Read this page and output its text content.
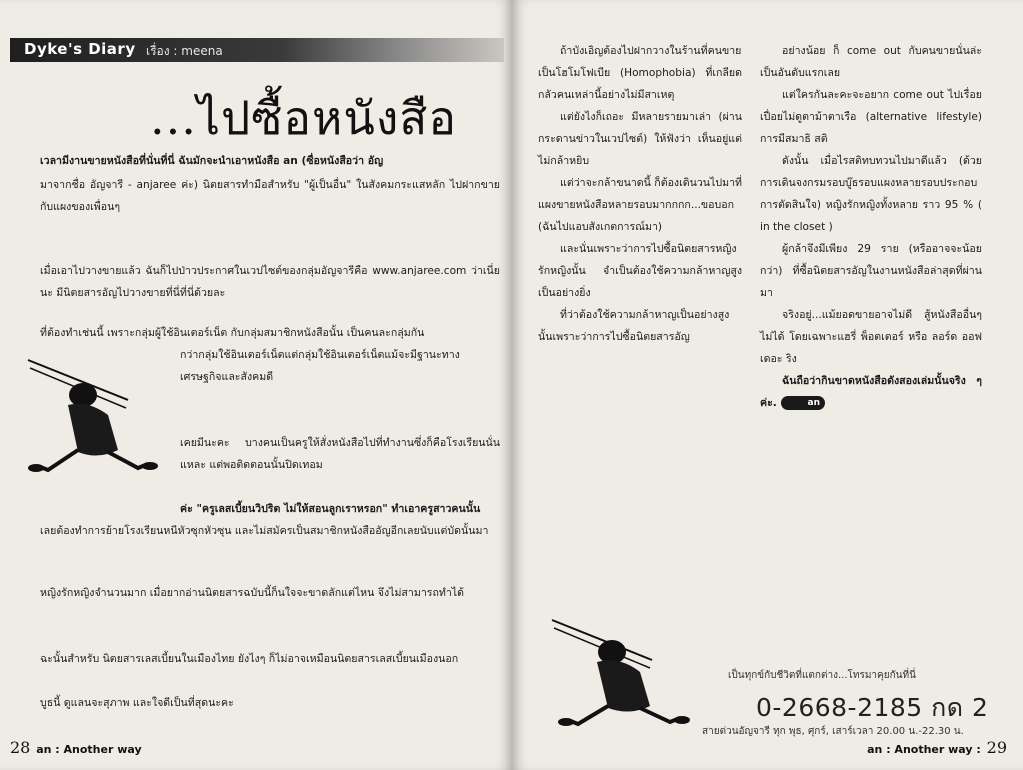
Dyke's Diary เรื่อง : meena
...ไปซื้อหนังสือ
เวลามีงานขายหนังสือที่นั่นที่นี่ ฉันมักจะนำเอาหนังสือ an (ซื่อหนังสือว่า อัญ
มาจากชื่อ อัญจารี - anjaree ค่ะ) นิตยสารทำมือสำหรับ "ผู้เป็นอื่น" ในสังคมกระแสหลัก ไปฝากขายกับแผงของเพื่อนๆ
เมื่อเอาไปวางขายแล้ว ฉันก็ไปป่าวประกาศในเวปไซต์ของกลุ่มอัญจารีคือ www.anjaree.com ว่าเนี่ยนะ มีนิตยสารอัญไปวางขายที่นี่ที่นี่ด้วยละ
ที่ต้องทำเช่นนี้ เพราะกลุ่มผู้ใช้อินเตอร์เน็ต กับกลุ่มสมาชิกหนังสือนั้น เป็นคนละกลุ่มกัน
กว่ากลุ่มใช้อินเตอร์เน็ตแต่กลุ่มใช้อินเตอร์เน็ตแม้จะมีฐานะทางเศรษฐกิจและสังคมดี
เคยมีนะคะ บางคนเป็นครูให้สั่งหนังสือไปที่ทำงานซึ่งก็คือโรงเรียนนั่นแหละ แต่พอติดตอนนั้นปิดเทอม
ค่ะ "ครูเลสเบี้ยนวิปริต ไม่ให้สอนลูกเราหรอก" ทำเอาครูสาวคนนั้น
เลยต้องทำการย้ายโรงเรียนหนีหัวซุกหัวซุน และไม่สมัครเป็นสมาชิกหนังสืออัญอีกเลยนับแต่บัดนั้นมา
หญิงรักหญิงจำนวนมาก เมื่อยากอ่านนิตยสารฉบับนี้ก็นใจจะขาดลักแต่ไหน จึงไม่สามารถทำได้
ฉะนั้นสำหรับ นิตยสารเลสเบี้ยนในเมืองไทย ยังไงๆ ก็ไม่อาจเหมือนนิตยสารเลสเบี้ยนเมืองนอก
บูธนี้ ดูแลนจะสุภาพ และใจดีเป็นที่สุดนะคะ
28 an : Another way

ถ้าบังเอิญต้องไปฝากวางในร้านที่คนขายเป็นโฮโมโฟเบีย (Homophobia) ที่เกลียดกลัวคนเหล่านี้อย่างไม่มีสาเหตุ

แต่ยังไงก็เถอะ มีหลายรายมาเล่า (ผ่านกระดานข่าวในเวปไซต์) ให้ฟังว่า เห็นอยู่แต่ไม่กล้าหยิบ

แต่ว่าจะกล้าขนาดนี้ ก็ต้องเดินวนไปมาที่แผงขายหนังสือหลายรอบมากกกก...ขอบอก (ฉันไปแอบสังเกตการณ์มา)

และนั่นเพราะว่าการไปซื้อนิตยสารหญิงรักหญิงนั้น จำเป็นต้องใช้ความกล้าหาญสูงเป็นอย่างยิ่ง

ที่ว่าต้องใช้ความกล้าหาญเป็นอย่างสูงนั้นเพราะว่าการไปซื้อนิตยสารอัญ

อย่างน้อย ก็ come out กับคนขายนั่นล่ะเป็นอันดับแรกเลย

แต่ใครกันละคะจะอยาก come out ไปเรื่อยเปื่อยไม่ดูตาม้าตาเรือ (alternative lifestyle) การมีสมาธิ สติ

ดังนั้น เมื่อไรสติทบทวนไปมาดีแล้ว (ด้วยการเดินจงกรมรอบบู๊ธรอบแผงหลายรอบประกอบการตัดสินใจ) หญิงรักหญิงทั้งหลาย ราว 95 % ( in the closet )

ผู้กล้าจึงมีเพียง 29 ราย (หรืออาจจะน้อยกว่า) ที่ซื้อนิตยสารอัญในงานหนังสือล่าสุดที่ผ่านมา

จริงอยู่...แม้ยอดขายอาจไม่ดี สู้หนังสืออื่นๆ ไม่ได้ โดยเฉพาะแฮรี่ พ็อตเตอร์ หรือ ลอร์ด ออฟ เดอะ ริง

ฉันถือว่ากินขาดหนังสือดังสองเล่มนั้นจริง ๆ ค่ะ.	an

เป็นทุกข์กับชีวิตที่แตกต่าง...โทรมาคุยกันที่นี่
0-2668-2185 กด 2
สายด่วนอัญจารี ทุก พุธ, ศุกร์, เสาร์เวลา 20.00 น.-22.30 น.
an : Another way : 29
